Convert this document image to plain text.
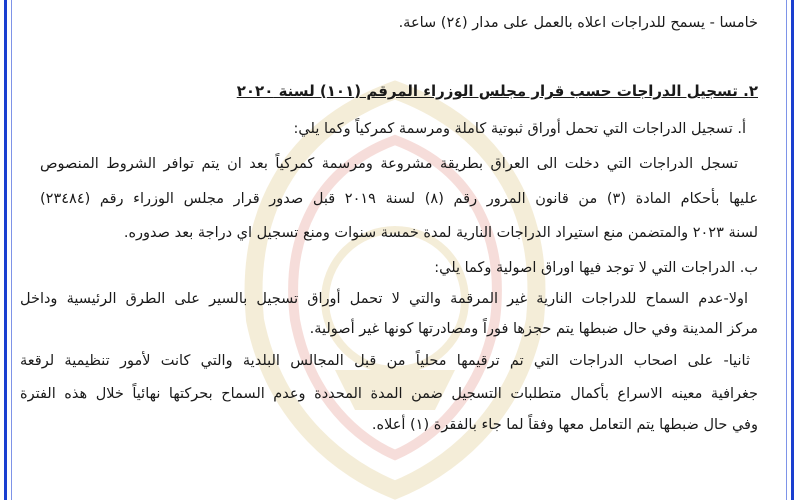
خامسا - يسمح للدراجات اعلاه بالعمل على مدار (٢٤) ساعة.
٢. تسجيل الدراجات حسب قرار مجلس الوزراء المرقم (١٠١) لسنة ٢٠٢٠
أ. تسجيل الدراجات التي تحمل أوراق ثبوتية كاملة ومرسمة كمركياً وكما يلي:
تسجل الدراجات التي دخلت الى العراق بطريقة مشروعة ومرسمة كمركياً بعد ان يتم توافر الشروط المنصوص
عليها بأحكام المادة (٣) من قانون المرور رقم (٨) لسنة ٢٠١٩ قبل صدور قرار مجلس الوزراء رقم (٢٣٤٨٤)
لسنة ٢٠٢٣ والمتضمن منع استيراد الدراجات النارية لمدة خمسة سنوات ومنع تسجيل اي دراجة بعد صدوره.
ب. الدراجات التي لا توجد فيها اوراق اصولية وكما يلي:
اولا-عدم السماح للدراجات النارية غير المرقمة والتي لا تحمل أوراق تسجيل بالسير على الطرق الرئيسية وداخل
مركز المدينة وفي حال ضبطها يتم حجزها فوراً ومصادرتها كونها غير أصولية.
ثانيا- على اصحاب الدراجات التي تم ترقيمها محلياً من قبل المجالس البلدية والتي كانت لأمور تنظيمية لرقعة
جغرافية معينه الاسراع بأكمال متطلبات التسجيل ضمن المدة المحددة وعدم السماح بحركتها نهائياً خلال هذه الفترة
وفي حال ضبطها يتم التعامل معها وفقاً لما جاء بالفقرة (١) أعلاه.
